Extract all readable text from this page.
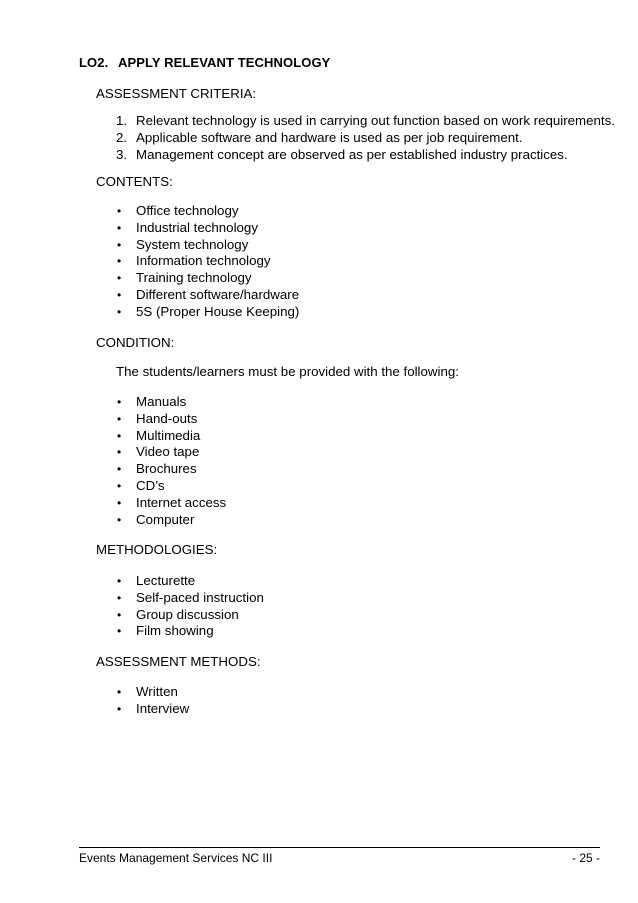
LO2. APPLY RELEVANT TECHNOLOGY
ASSESSMENT CRITERIA:
1. Relevant technology is used in carrying out function based on work requirements.
2. Applicable software and hardware is used as per job requirement.
3. Management concept are observed as per established industry practices.
CONTENTS:
• Office technology
• Industrial technology
• System technology
• Information technology
• Training technology
• Different software/hardware
• 5S (Proper House Keeping)
CONDITION:
The students/learners must be provided with the following:
• Manuals
• Hand-outs
• Multimedia
• Video tape
• Brochures
• CD’s
• Internet access
• Computer
METHODOLOGIES:
• Lecturette
• Self-paced instruction
• Group discussion
• Film showing
ASSESSMENT METHODS:
• Written
• Interview
Events Management Services NC III	- 25 -
